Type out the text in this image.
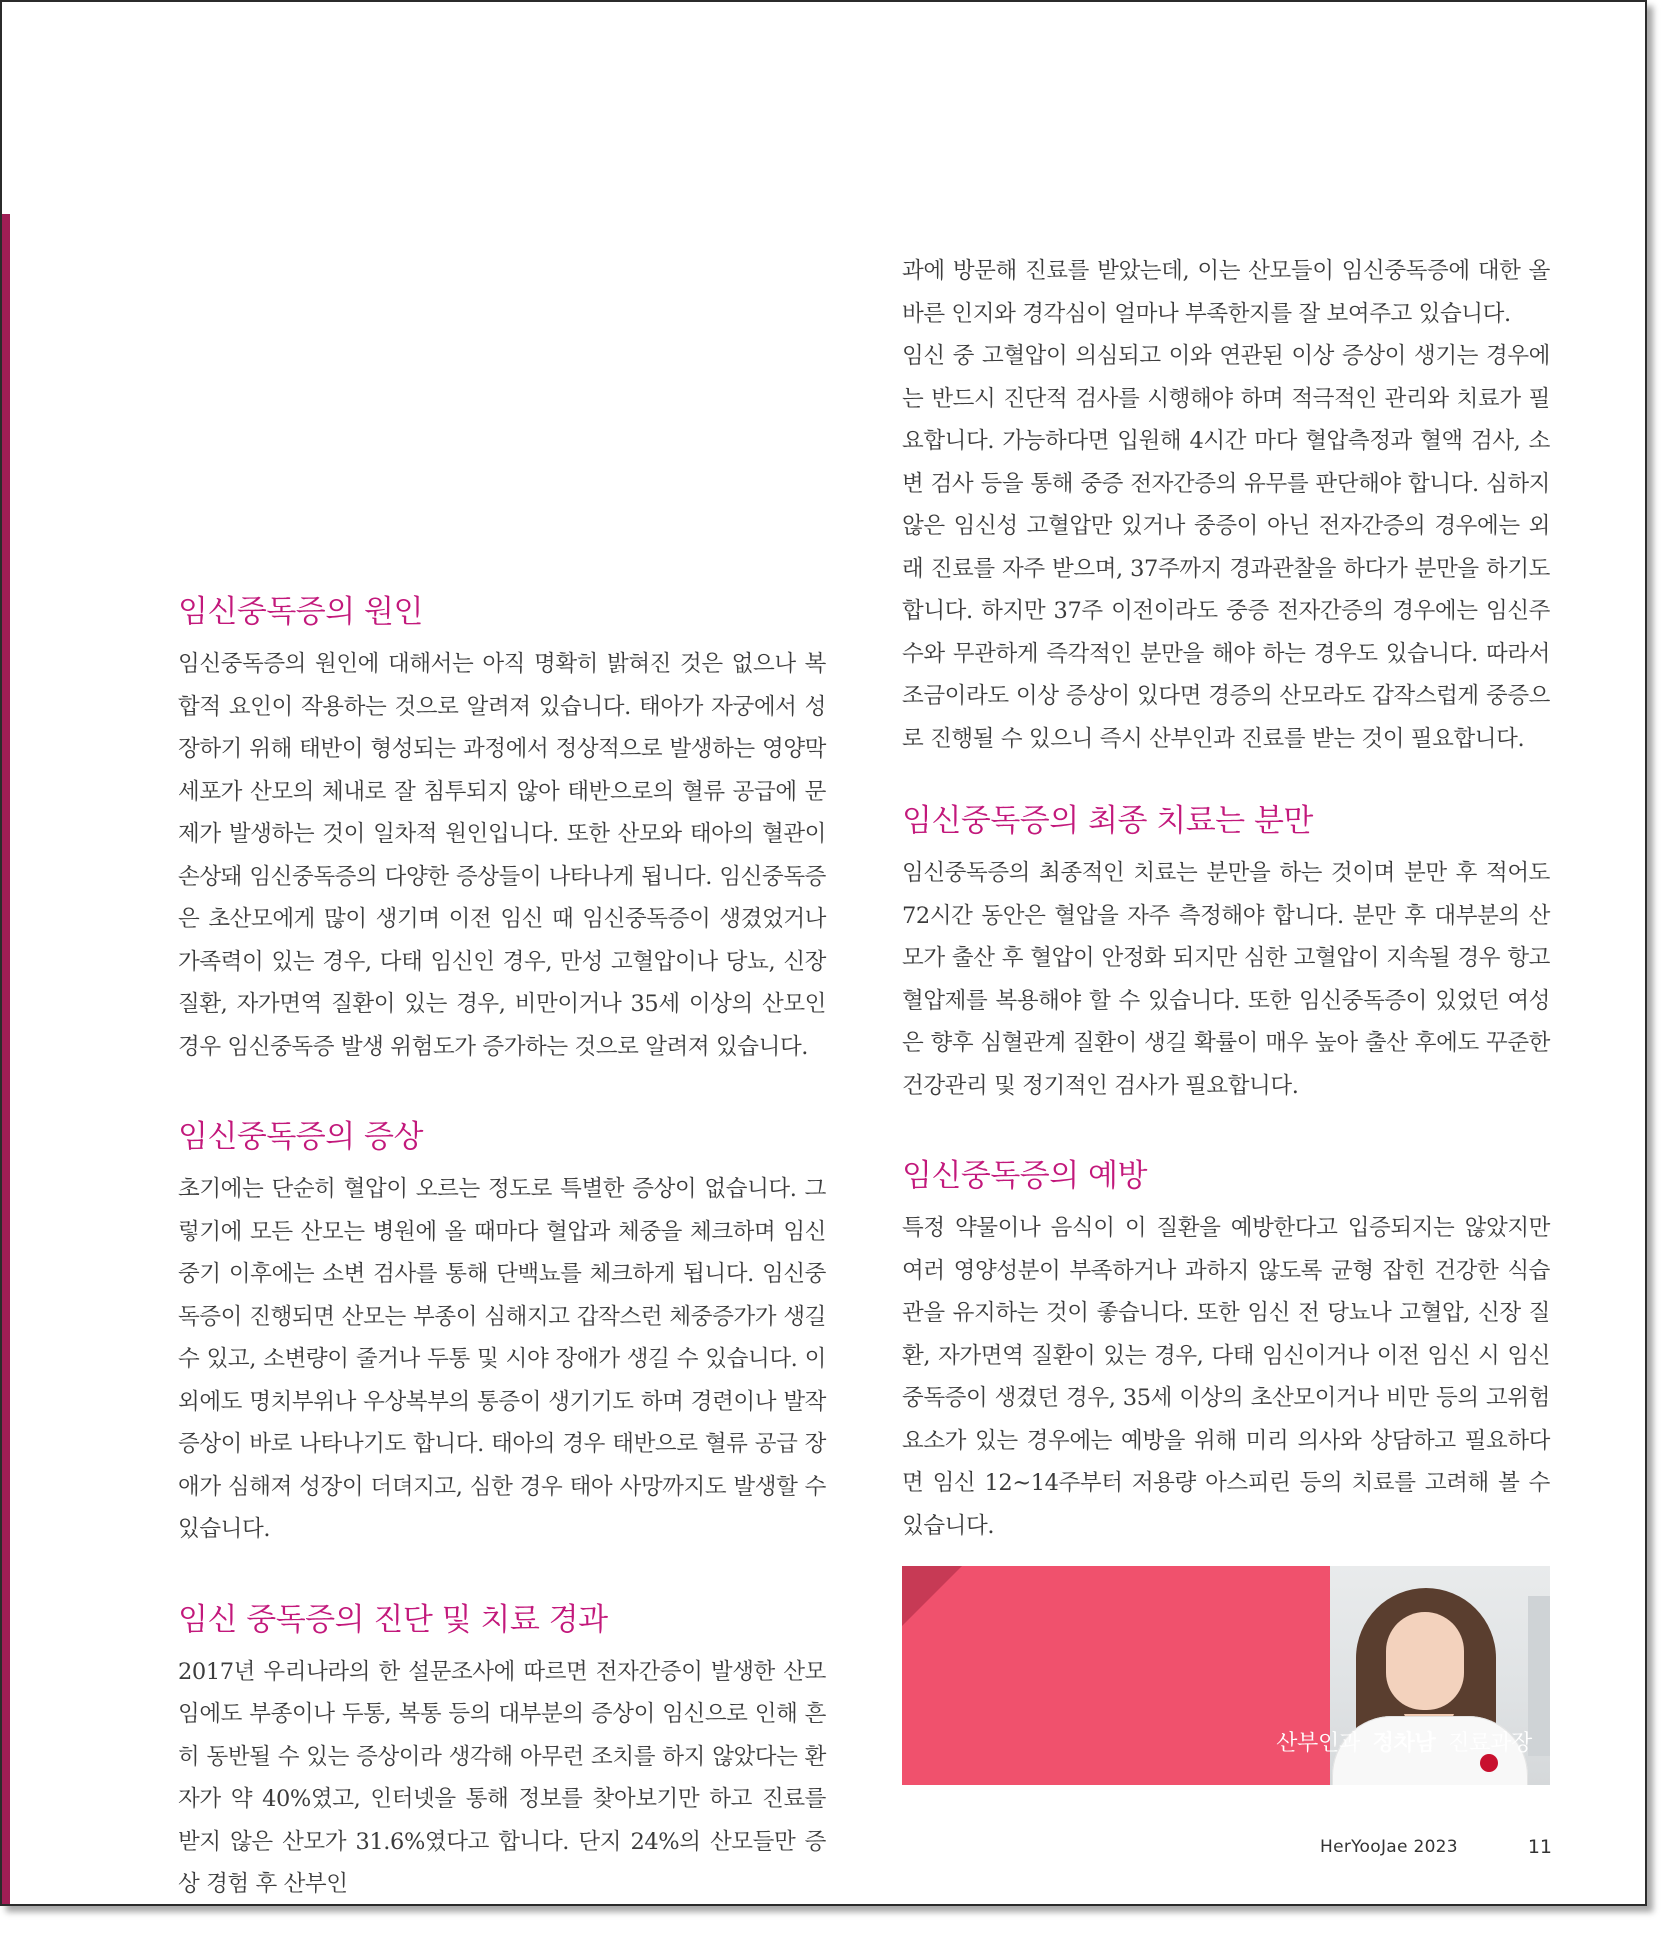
임신중독증의 원인

임신중독증의 원인에 대해서는 아직 명확히 밝혀진 것은 없으나 복합적 요인이 작용하는 것으로 알려져 있습니다. 태아가 자궁에서 성장하기 위해 태반이 형성되는 과정에서 정상적으로 발생하는 영양막세포가 산모의 체내로 잘 침투되지 않아 태반으로의 혈류 공급에 문제가 발생하는 것이 일차적 원인입니다. 또한 산모와 태아의 혈관이 손상돼 임신중독증의 다양한 증상들이 나타나게 됩니다. 임신중독증은 초산모에게 많이 생기며 이전 임신 때 임신중독증이 생겼었거나 가족력이 있는 경우, 다태 임신인 경우, 만성 고혈압이나 당뇨, 신장 질환, 자가면역 질환이 있는 경우, 비만이거나 35세 이상의 산모인 경우 임신중독증 발생 위험도가 증가하는 것으로 알려져 있습니다.

임신중독증의 증상

초기에는 단순히 혈압이 오르는 정도로 특별한 증상이 없습니다. 그렇기에 모든 산모는 병원에 올 때마다 혈압과 체중을 체크하며 임신 중기 이후에는 소변 검사를 통해 단백뇨를 체크하게 됩니다. 임신중독증이 진행되면 산모는 부종이 심해지고 갑작스런 체중증가가 생길 수 있고, 소변량이 줄거나 두통 및 시야 장애가 생길 수 있습니다. 이외에도 명치부위나 우상복부의 통증이 생기기도 하며 경련이나 발작 증상이 바로 나타나기도 합니다. 태아의 경우 태반으로 혈류 공급 장애가 심해져 성장이 더뎌지고, 심한 경우 태아 사망까지도 발생할 수 있습니다.

임신 중독증의 진단 및 치료 경과

2017년 우리나라의 한 설문조사에 따르면 전자간증이 발생한 산모임에도 부종이나 두통, 복통 등의 대부분의 증상이 임신으로 인해 흔히 동반될 수 있는 증상이라 생각해 아무런 조치를 하지 않았다는 환자가 약 40%였고, 인터넷을 통해 정보를 찾아보기만 하고 진료를 받지 않은 산모가 31.6%였다고 합니다. 단지 24%의 산모들만 증상 경험 후 산부인

과에 방문해 진료를 받았는데, 이는 산모들이 임신중독증에 대한 올바른 인지와 경각심이 얼마나 부족한지를 잘 보여주고 있습니다.

임신 중 고혈압이 의심되고 이와 연관된 이상 증상이 생기는 경우에는 반드시 진단적 검사를 시행해야 하며 적극적인 관리와 치료가 필요합니다. 가능하다면 입원해 4시간 마다 혈압측정과 혈액 검사, 소변 검사 등을 통해 중증 전자간증의 유무를 판단해야 합니다. 심하지 않은 임신성 고혈압만 있거나 중증이 아닌 전자간증의 경우에는 외래 진료를 자주 받으며, 37주까지 경과관찰을 하다가 분만을 하기도 합니다. 하지만 37주 이전이라도 중증 전자간증의 경우에는 임신주수와 무관하게 즉각적인 분만을 해야 하는 경우도 있습니다. 따라서 조금이라도 이상 증상이 있다면 경증의 산모라도 갑작스럽게 중증으로 진행될 수 있으니 즉시 산부인과 진료를 받는 것이 필요합니다.

임신중독증의 최종 치료는 분만

임신중독증의 최종적인 치료는 분만을 하는 것이며 분만 후 적어도 72시간 동안은 혈압을 자주 측정해야 합니다. 분만 후 대부분의 산모가 출산 후 혈압이 안정화 되지만 심한 고혈압이 지속될 경우 항고혈압제를 복용해야 할 수 있습니다. 또한 임신중독증이 있었던 여성은 향후 심혈관계 질환이 생길 확률이 매우 높아 출산 후에도 꾸준한 건강관리 및 정기적인 검사가 필요합니다.

임신중독증의 예방

특정 약물이나 음식이 이 질환을 예방한다고 입증되지는 않았지만 여러 영양성분이 부족하거나 과하지 않도록 균형 잡힌 건강한 식습관을 유지하는 것이 좋습니다. 또한 임신 전 당뇨나 고혈압, 신장 질환, 자가면역 질환이 있는 경우, 다태 임신이거나 이전 임신 시 임신중독증이 생겼던 경우, 35세 이상의 초산모이거나 비만 등의 고위험요소가 있는 경우에는 예방을 위해 미리 의사와 상담하고 필요하다면 임신 12~14주부터 저용량 아스피린 등의 치료를 고려해 볼 수 있습니다.

산부인과 정차남 진료과장
HerYooJae 2023	11
